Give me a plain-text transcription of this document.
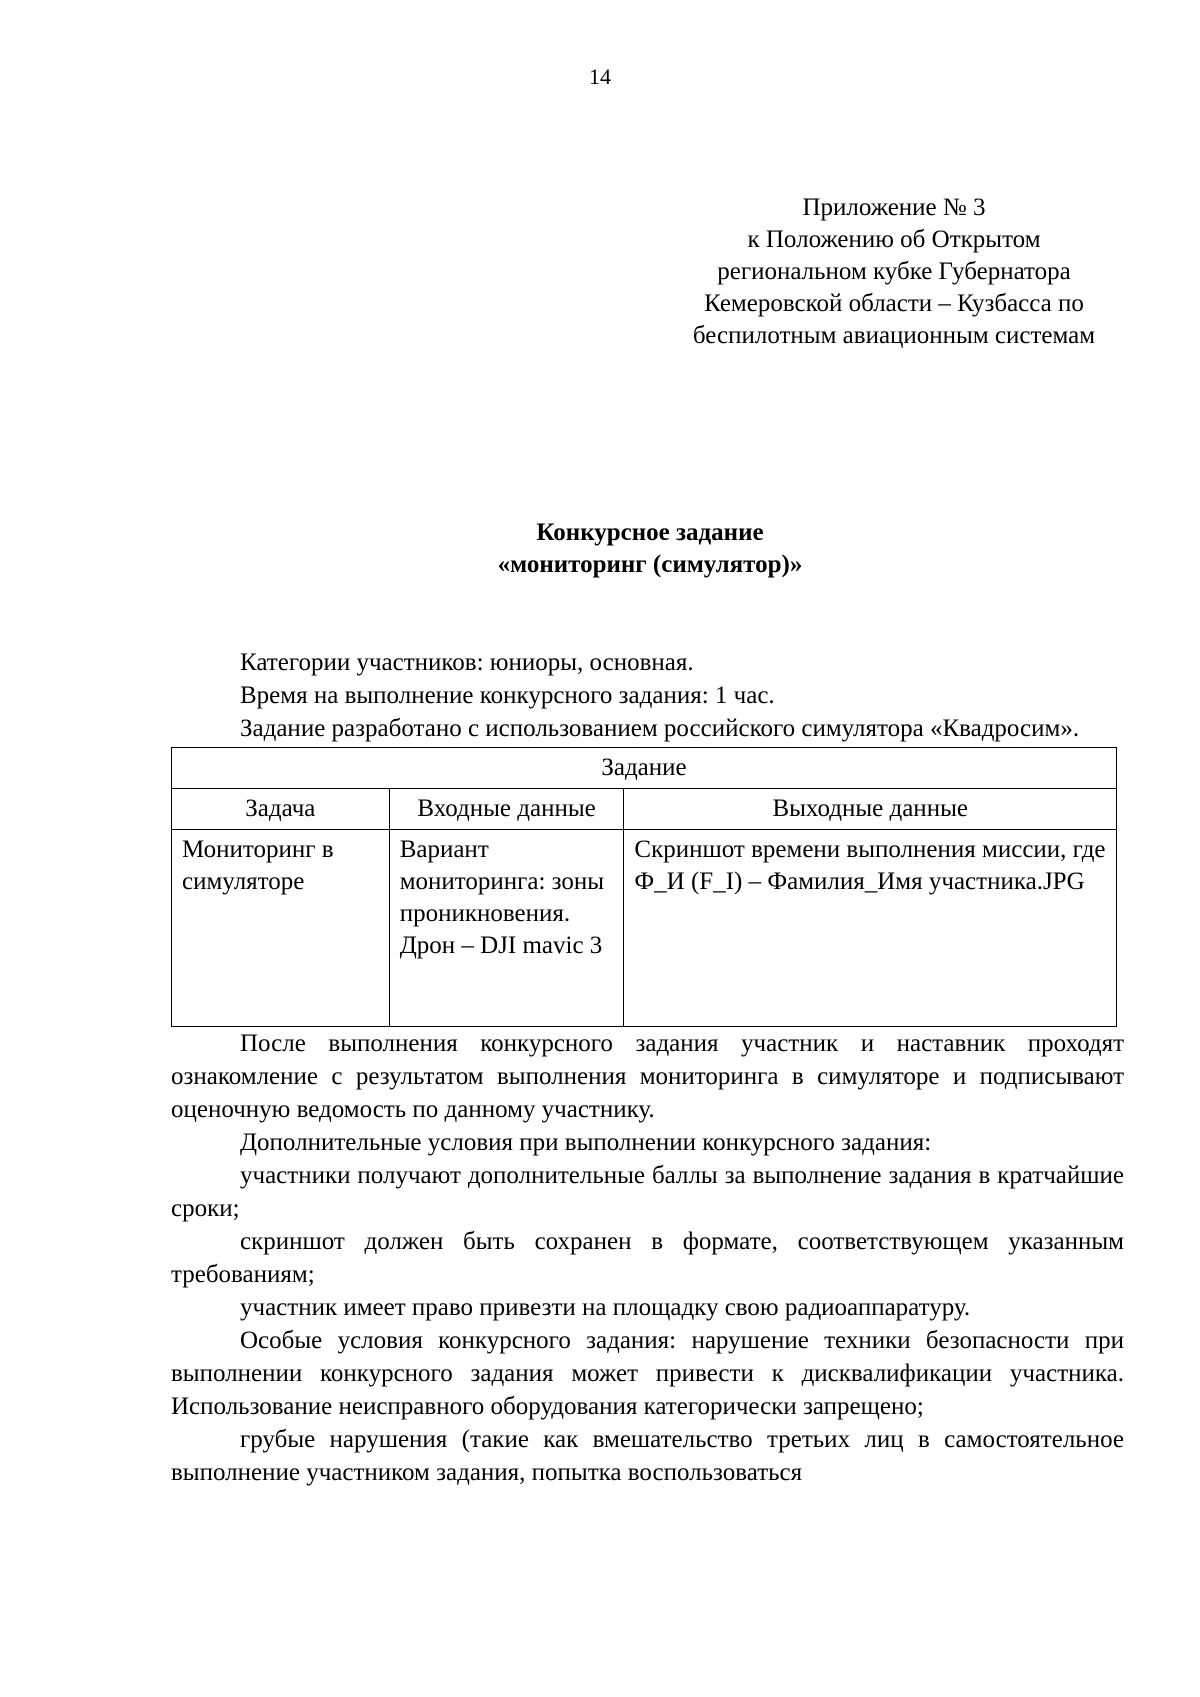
14
Приложение № 3
к Положению об Открытом
региональном кубке Губернатора
Кемеровской области – Кузбасса по
беспилотным авиационным системам
Конкурсное задание
«мониторинг (симулятор)»

Категории участников: юниоры, основная.

Время на выполнение конкурсного задания: 1 час.

Задание разработано с использованием российского симулятора «Квадросим».

Задание		
Задача	Входные данные	Выходные данные
Мониторинг в симуляторе	Вариант мониторинга: зоны проникновения. Дрон – DJI mavic 3	Скриншот времени выполнения миссии, где Ф_И (F_I) – Фамилия_Имя участника.JPG

После выполнения конкурсного задания участник и наставник проходят ознакомление с результатом выполнения мониторинга в симуляторе и подписывают оценочную ведомость по данному участнику.

Дополнительные условия при выполнении конкурсного задания:

участники получают дополнительные баллы за выполнение задания в кратчайшие сроки;

скриншот должен быть сохранен в формате, соответствующем указанным требованиям;

участник имеет право привезти на площадку свою радиоаппаратуру.

Особые условия конкурсного задания: нарушение техники безопасности при выполнении конкурсного задания может привести к дисквалификации участника. Использование неисправного оборудования категорически запрещено;

грубые нарушения (такие как вмешательство третьих лиц в самостоятельное выполнение участником задания, попытка воспользоваться
